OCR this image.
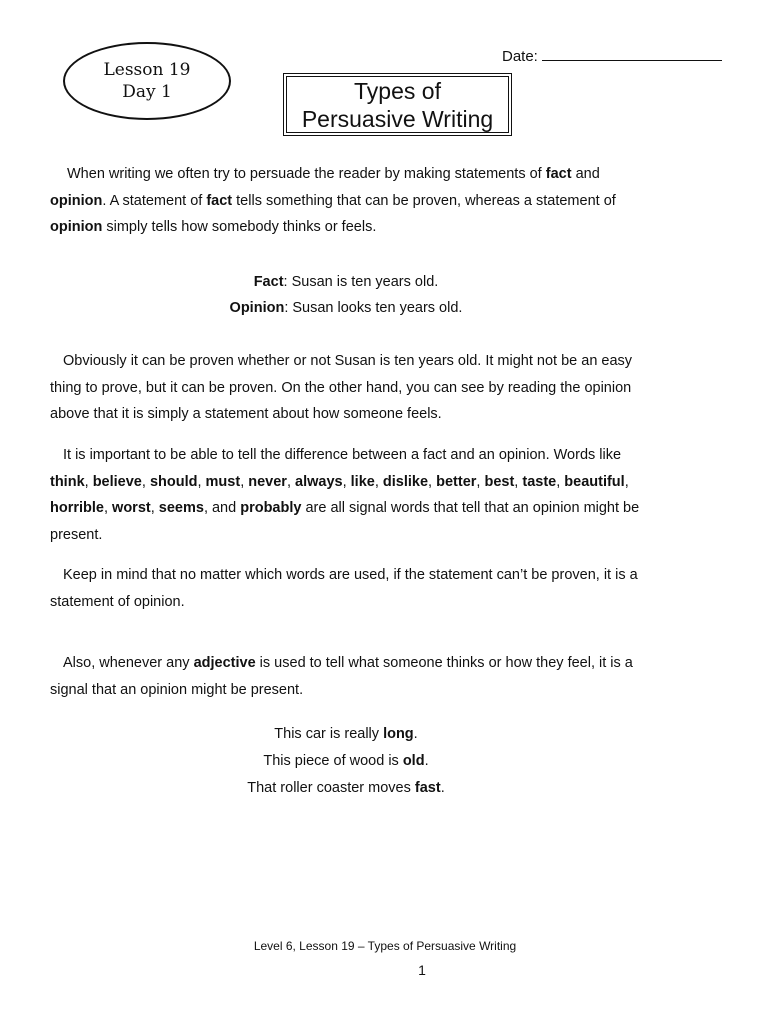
Lesson 19
Day 1
Date:
Types of
Persuasive Writing

When writing we often try to persuade the reader by making statements of fact and opinion. A statement of fact tells something that can be proven, whereas a statement of opinion simply tells how somebody thinks or feels.

Fact: Susan is ten years old.

Opinion: Susan looks ten years old.

Obviously it can be proven whether or not Susan is ten years old. It might not be an easy thing to prove, but it can be proven. On the other hand, you can see by reading the opinion above that it is simply a statement about how someone feels.

It is important to be able to tell the difference between a fact and an opinion. Words like think, believe, should, must, never, always, like, dislike, better, best, taste, beautiful, horrible, worst, seems, and probably are all signal words that tell that an opinion might be present.

Keep in mind that no matter which words are used, if the statement can’t be proven, it is a statement of opinion.

Also, whenever any adjective is used to tell what someone thinks or how they feel, it is a signal that an opinion might be present.

This car is really long.

This piece of wood is old.

That roller coaster moves fast.

Level 6, Lesson 19 – Types of Persuasive Writing
1
